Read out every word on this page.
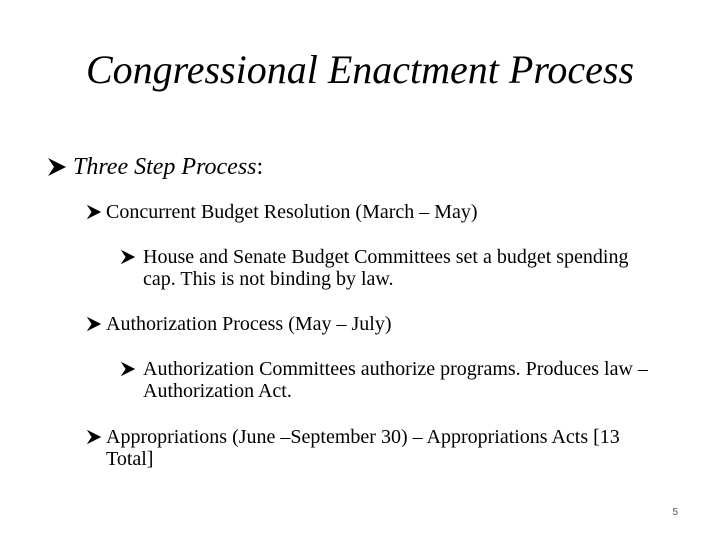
Congressional Enactment Process
Three Step Process:
Concurrent Budget Resolution (March – May)
House and Senate Budget Committees set a budget spending cap. This is not binding by law.
Authorization Process (May – July)
Authorization Committees authorize programs. Produces law – Authorization Act.
Appropriations (June –September 30) – Appropriations Acts [13 Total]
5
